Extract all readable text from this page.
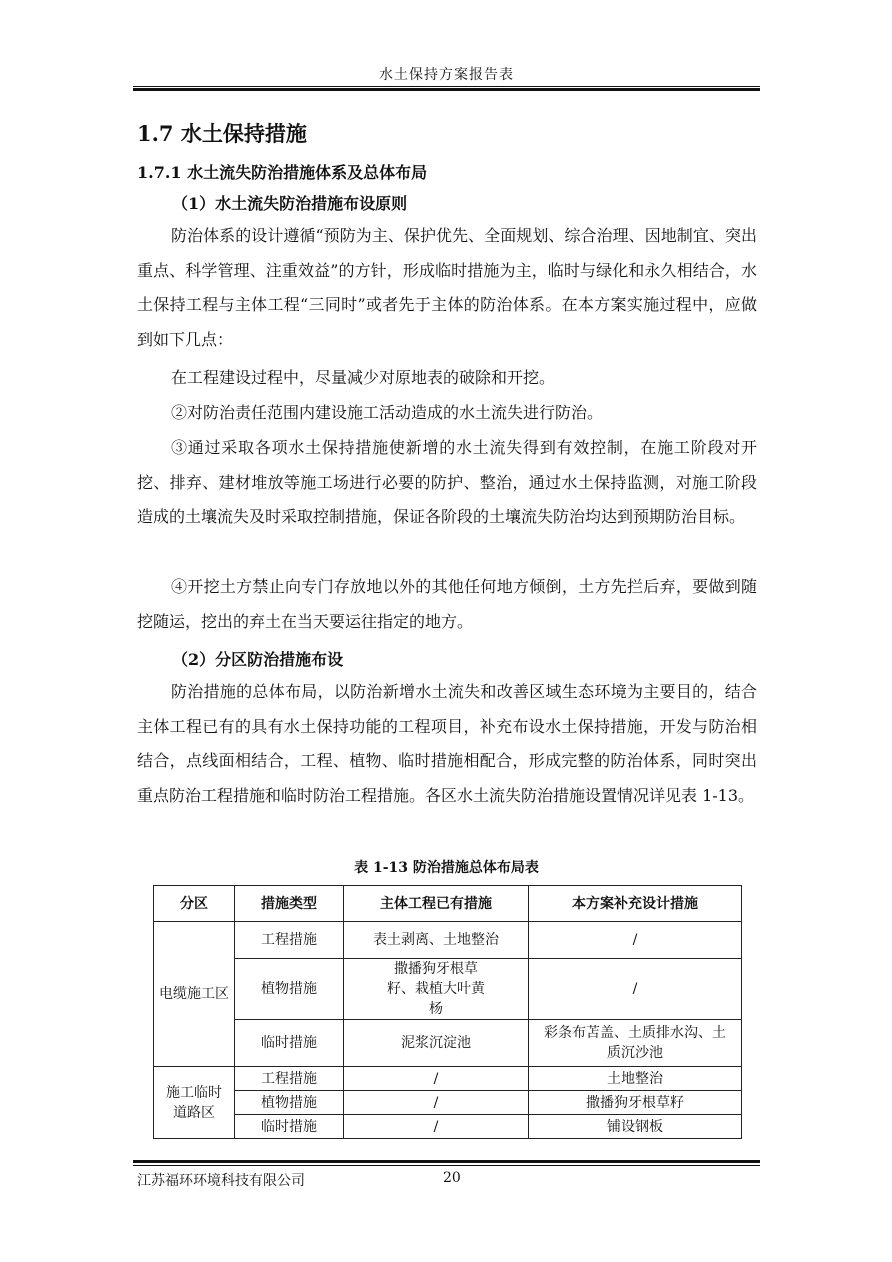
水土保持方案报告表
1.7 水土保持措施
1.7.1 水土流失防治措施体系及总体布局
（1）水土流失防治措施布设原则

防治体系的设计遵循“预防为主、保护优先、全面规划、综合治理、因地制宜、突出重点、科学管理、注重效益”的方针，形成临时措施为主，临时与绿化和永久相结合，水土保持工程与主体工程“三同时”或者先于主体的防治体系。在本方案实施过程中，应做到如下几点：

在工程建设过程中，尽量减少对原地表的破除和开挖。

②对防治责任范围内建设施工活动造成的水土流失进行防治。

③通过采取各项水土保持措施使新增的水土流失得到有效控制，在施工阶段对开挖、排弃、建材堆放等施工场进行必要的防护、整治，通过水土保持监测，对施工阶段造成的土壤流失及时采取控制措施，保证各阶段的土壤流失防治均达到预期防治目标。

④开挖土方禁止向专门存放地以外的其他任何地方倾倒，土方先拦后弃，要做到随挖随运，挖出的弃土在当天要运往指定的地方。

（2）分区防治措施布设

防治措施的总体布局，以防治新增水土流失和改善区域生态环境为主要目的，结合主体工程已有的具有水土保持功能的工程项目，补充布设水土保持措施，开发与防治相结合，点线面相结合，工程、植物、临时措施相配合，形成完整的防治体系，同时突出重点防治工程措施和临时防治工程措施。各区水土流失防治措施设置情况详见表 1-13。

表 1-13 防治措施总体布局表
分区	措施类型	主体工程已有措施	本方案补充设计措施
电缆施工区	工程措施	表土剥离、土地整治	/
	植物措施	撒播狗牙根草籽、栽植大叶黄杨	/
	临时措施	泥浆沉淀池	彩条布苫盖、土质排水沟、土质沉沙池
施工临时道路区	工程措施	/	土地整治
	植物措施	/	撒播狗牙根草籽
	临时措施	/	铺设钢板
江苏福环环境科技有限公司	20
